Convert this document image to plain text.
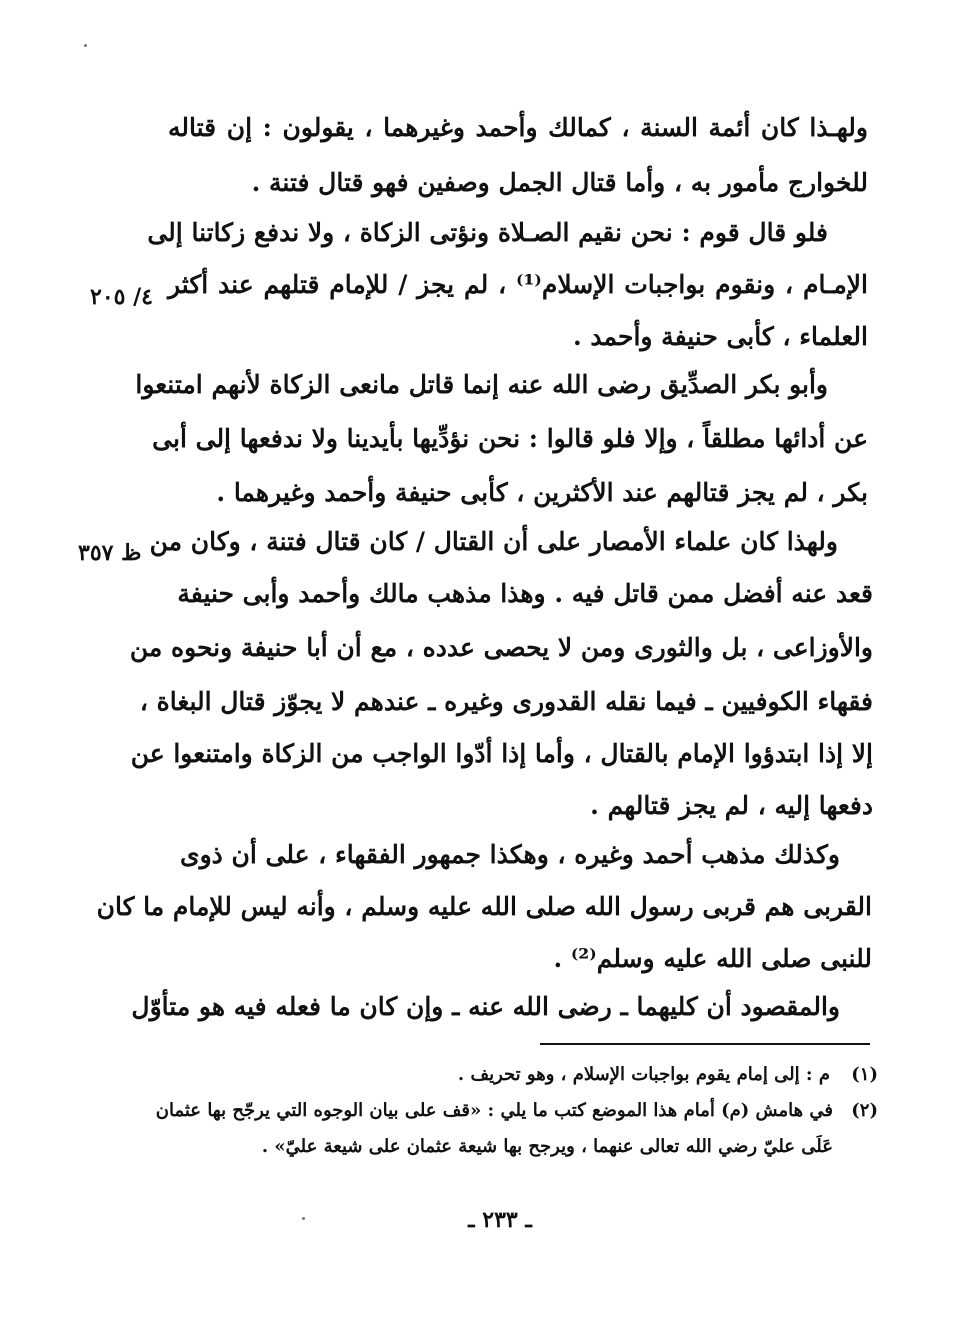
ولهـذا كان أئمة السنة ، كمالك وأحمد وغيرهما ، يقولون : إن قتاله
للخوارج مأمور به ، وأما قتال الجمل وصفين فهو قتال فتنة .
فلو قال قوم : نحن نقيم الصـلاة ونؤتى الزكاة ، ولا ندفع زكاتنا إلى
الإمـام ، ونقوم بواجبات الإسلام⁽¹⁾ ، لم يجز / للإمام قتلهم عند أكثر
العلماء ، كأبى حنيفة وأحمد .
٤/ ٢٠٥
وأبو بكر الصدِّيق رضى الله عنه إنما قاتل مانعى الزكاة لأنهم امتنعوا
عن أدائها مطلقاً ، وإلا فلو قالوا : نحن نؤدِّيها بأيدينا ولا ندفعها إلى أبى
بكر ، لم يجز قتالهم عند الأكثرين ، كأبى حنيفة وأحمد وغيرهما .
ولهذا كان علماء الأمصار على أن القتال / كان قتال فتنة ، وكان من
قعد عنه أفضل ممن قاتل فيه . وهذا مذهب مالك وأحمد وأبى حنيفة
والأوزاعى ، بل والثورى ومن لا يحصى عدده ، مع أن أبا حنيفة ونحوه من
فقهاء الكوفيين ـ فيما نقله القدورى وغيره ـ عندهم لا يجوّز قتال البغاة ،
إلا إذا ابتدؤوا الإمام بالقتال ، وأما إذا أدّوا الواجب من الزكاة وامتنعوا عن
دفعها إليه ، لم يجز قتالهم .
ظ ٣٥٧
وكذلك مذهب أحمد وغيره ، وهكذا جمهور الفقهاء ، على أن ذوى
القربى هم قربى رسول الله صلى الله عليه وسلم ، وأنه ليس للإمام ما كان
للنبى صلى الله عليه وسلم⁽²⁾ .
والمقصود أن كليهما ـ رضى الله عنه ـ وإن كان ما فعله فيه هو متأوّل
(١)
م : إلى إمام يقوم بواجبات الإسلام ، وهو تحريف .
(٢)
في هامش (م) أمام هذا الموضع كتب ما يلي : «قف على بيان الوجوه التي يرجّح بها عثمان
عَلَى عليّ رضي الله تعالى عنهما ، ويرجح بها شيعة عثمان على شيعة عليّ» .
ـ ٢٣٣ ـ
